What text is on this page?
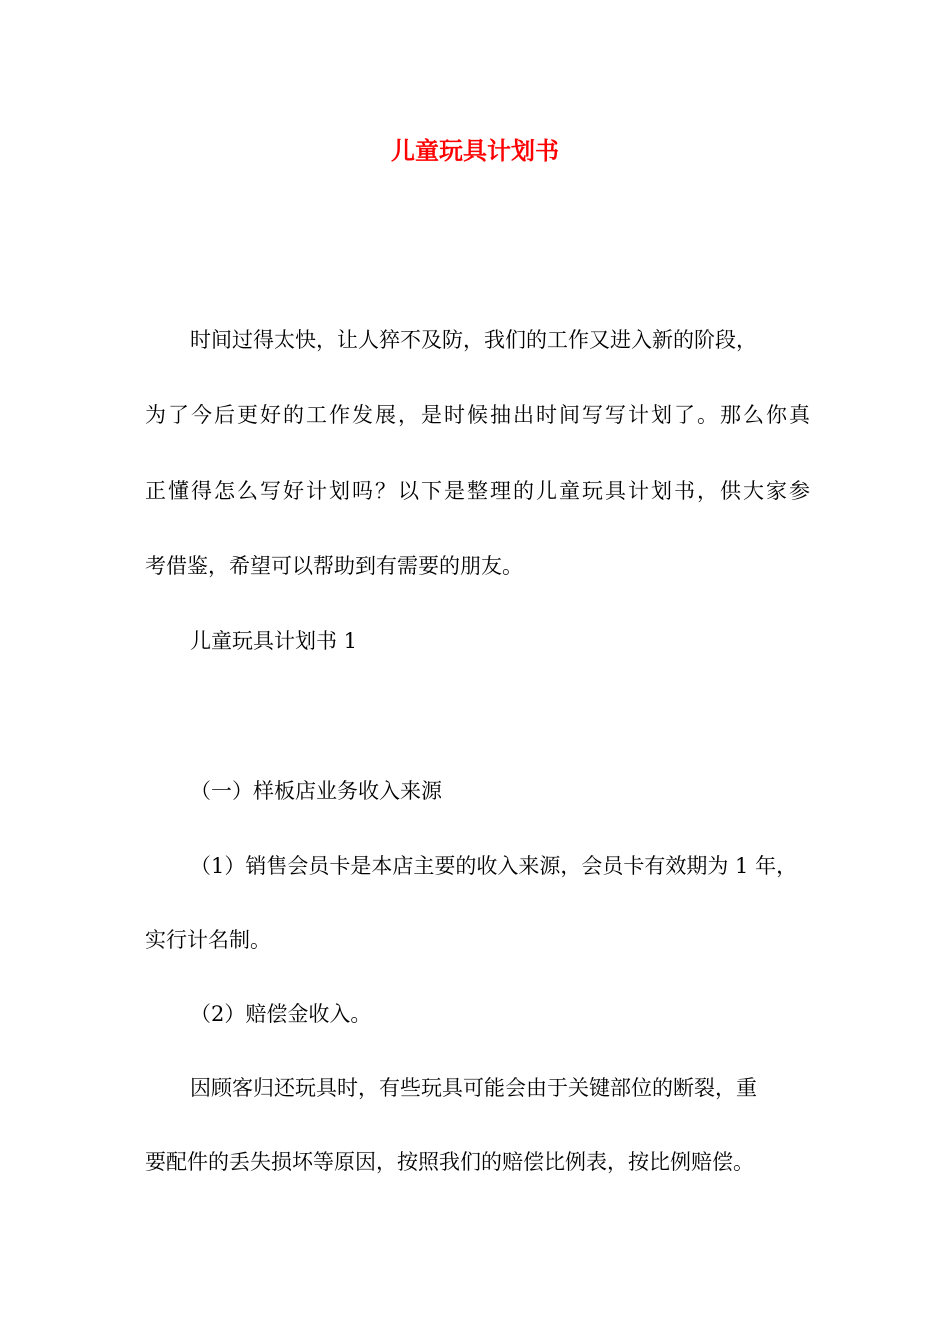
儿童玩具计划书

时间过得太快，让人猝不及防，我们的工作又进入新的阶段，

为了今后更好的工作发展，是时候抽出时间写写计划了。那么你真

正懂得怎么写好计划吗？以下是整理的儿童玩具计划书，供大家参

考借鉴，希望可以帮助到有需要的朋友。

儿童玩具计划书 1

（一）样板店业务收入来源

（1）销售会员卡是本店主要的收入来源，会员卡有效期为 1 年，

实行计名制。

（2）赔偿金收入。

因顾客归还玩具时，有些玩具可能会由于关键部位的断裂，重

要配件的丢失损坏等原因，按照我们的赔偿比例表，按比例赔偿。
